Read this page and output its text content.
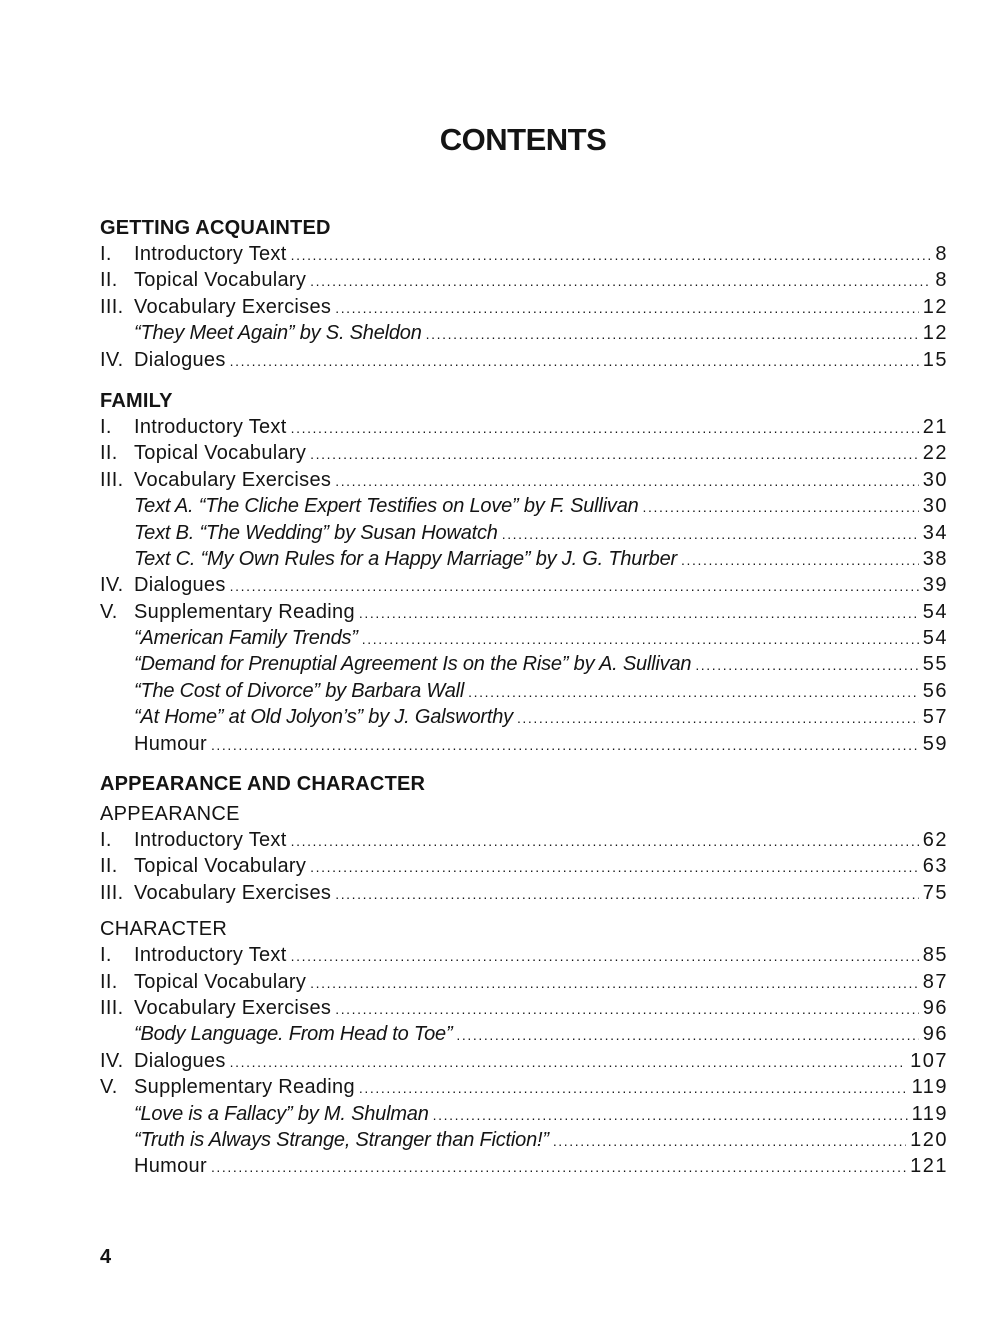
CONTENTS
GETTING ACQUAINTED
I.	Introductory Text .....	8
II. Topical Vocabulary .....	8
III. Vocabulary Exercises .....	12
“They Meet Again” by S. Sheldon .....	12
IV. Dialogues .....	15
FAMILY
I.	Introductory Text .....	21
II. Topical Vocabulary .....	22
III. Vocabulary Exercises .....	30
Text A. “The Cliche Expert Testifies on Love” by F. Sullivan .....	30
Text B. “The Wedding” by Susan Howatch .....	34
Text C. “My Own Rules for a Happy Marriage” by J. G. Thurber .....	38
IV. Dialogues .....	39
V. Supplementary Reading .....	54
“American Family Trends” .....	54
“Demand for Prenuptial Agreement Is on the Rise” by A. Sullivan .....	55
“The Cost of Divorce” by Barbara Wall .....	56
“At Home” at Old Jolyon’s” by J. Galsworthy .....	57
Humour .....	59
APPEARANCE AND CHARACTER
APPEARANCE
I.	Introductory Text .....	62
II. Topical Vocabulary .....	63
III. Vocabulary Exercises .....	75
CHARACTER
I.	Introductory Text .....	85
II. Topical Vocabulary .....	87
III. Vocabulary Exercises .....	96
“Body Language. From Head to Toe” .....	96
IV. Dialogues .....	107
V. Supplementary Reading .....	119
“Love is a Fallacy” by M. Shulman .....	119
“Truth is Always Strange, Stranger than Fiction!” .....	120
Humour .....	121
4
